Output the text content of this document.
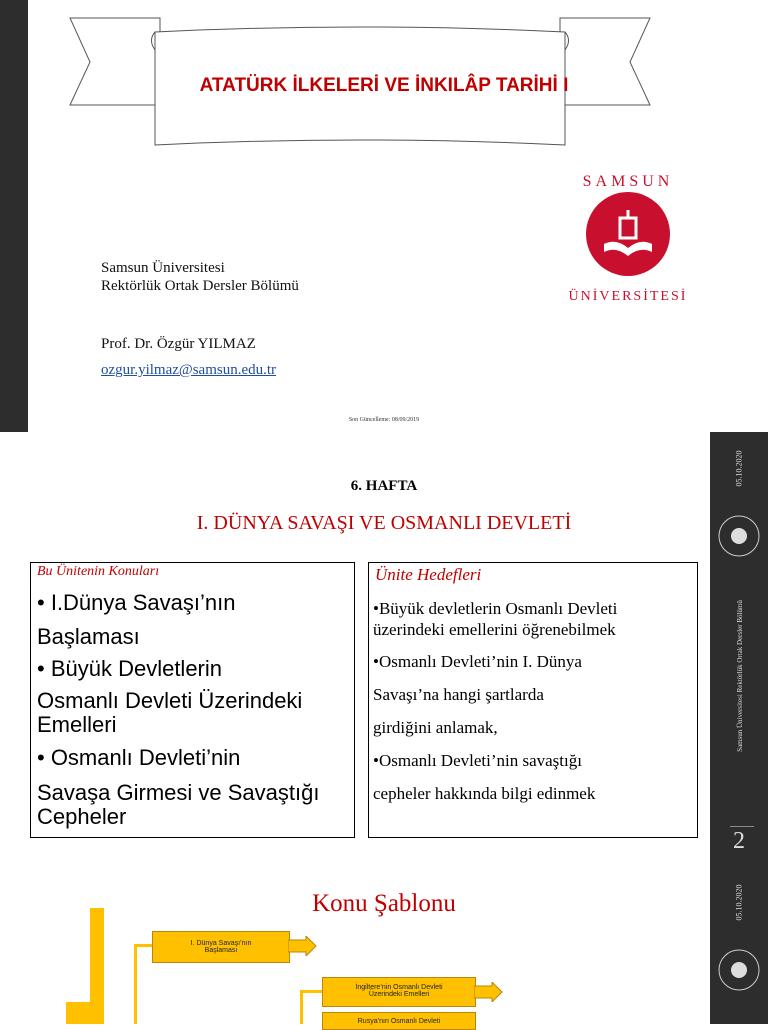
ATATÜRK İLKELERİ VE İNKILÂP TARİHİ I
SAMSUN
ÜNİVERSİTESİ
Samsun Üniversitesi
Rektörlük Ortak Dersler Bölümü
Prof. Dr. Özgür YILMAZ
ozgur.yilmaz@samsun.edu.tr
Son Güncelleme: 08/09/2019
05.10.2020
Samsun Üniversitesi Rektörlük Ortak Dersler Bölümü
2
6. HAFTA
I. DÜNYA SAVAŞI VE OSMANLI DEVLETİ
Bu Ünitenin Konuları
• I.Dünya Savaşı’nın
Başlaması
• Büyük Devletlerin
Osmanlı Devleti Üzerindeki
Emelleri
• Osmanlı Devleti’nin
Savaşa Girmesi ve Savaştığı
Cepheler
Ünite Hedefleri
•Büyük devletlerin Osmanlı Devleti
üzerindeki emellerini öğrenebilmek
•Osmanlı Devleti’nin I. Dünya
Savaşı’na hangi şartlarda
girdiğini anlamak,
•Osmanlı Devleti’nin savaştığı
cepheler hakkında bilgi edinmek
05.10.2020
Konu Şablonu
I. Dünya Savaşı’nın
Başlaması
İngiltere’nin Osmanlı Devleti
Üzerindeki Emelleri
Rusya’nın Osmanlı Devleti
